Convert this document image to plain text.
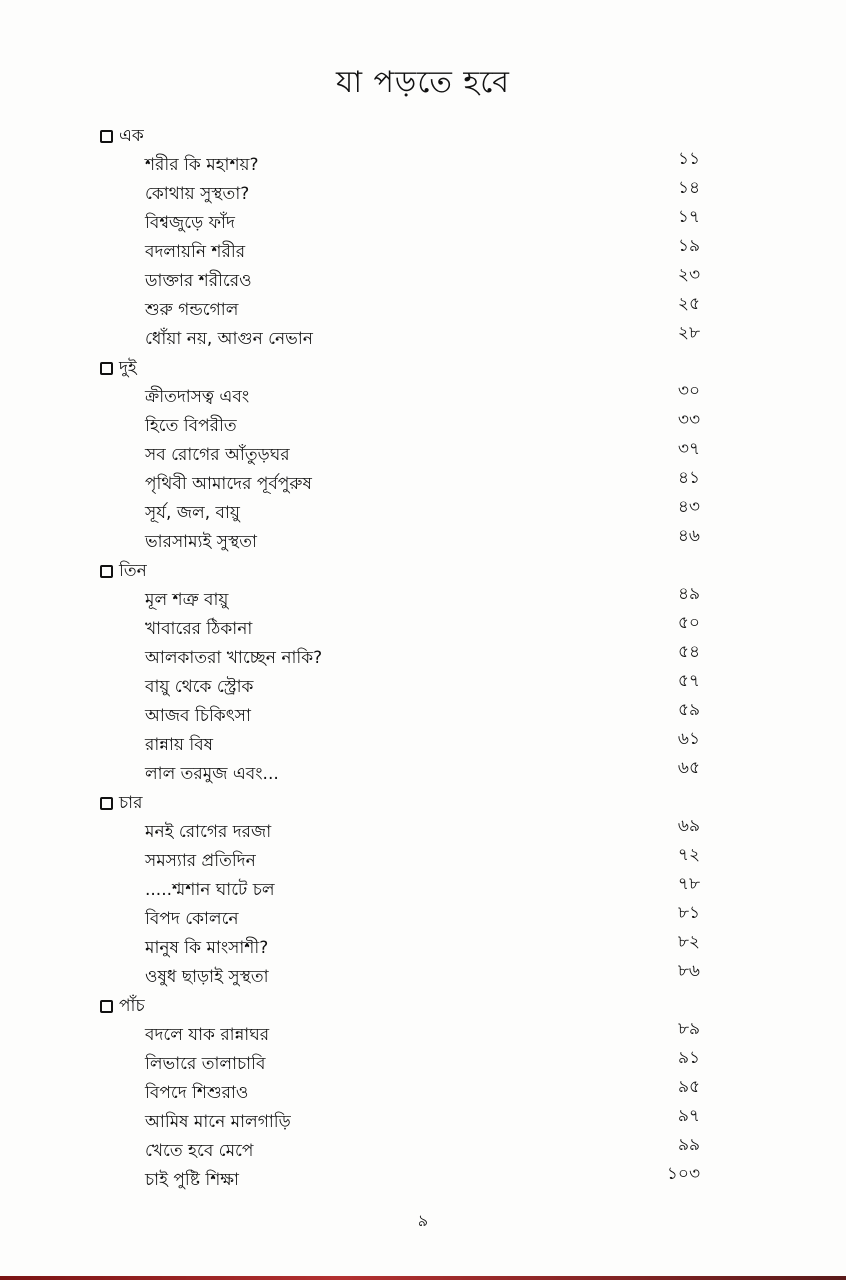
যা পড়তে হবে
এক
শরীর কি মহাশয়?	১১
কোথায় সুস্থতা?	১৪
বিশ্বজুড়ে ফাঁদ	১৭
বদলায়নি শরীর	১৯
ডাক্তার শরীরেও	২৩
শুরু গন্ডগোল	২৫
ধোঁয়া নয়, আগুন নেভান	২৮
দুই
ক্রীতদাসত্ব এবং	৩০
হিতে বিপরীত	৩৩
সব রোগের আঁতুড়ঘর	৩৭
পৃথিবী আমাদের পূর্বপুরুষ	৪১
সূর্য, জল, বায়ু	৪৩
ভারসাম্যই সুস্থতা	৪৬
তিন
মূল শত্রু বায়ু	৪৯
খাবারের ঠিকানা	৫০
আলকাতরা খাচ্ছেন নাকি?	৫৪
বায়ু থেকে স্ট্রোক	৫৭
আজব চিকিৎসা	৫৯
রান্নায় বিষ	৬১
লাল তরমুজ এবং...	৬৫
চার
মনই রোগের দরজা	৬৯
সমস্যার প্রতিদিন	৭২
.....শ্মশান ঘাটে চল	৭৮
বিপদ কোলনে	৮১
মানুষ কি মাংসাশী?	৮২
ওষুধ ছাড়াই সুস্থতা	৮৬
পাঁচ
বদলে যাক রান্নাঘর	৮৯
লিভারে তালাচাবি	৯১
বিপদে শিশুরাও	৯৫
আমিষ মানে মালগাড়ি	৯৭
খেতে হবে মেপে	৯৯
চাই পুষ্টি শিক্ষা	১০৩
৯
